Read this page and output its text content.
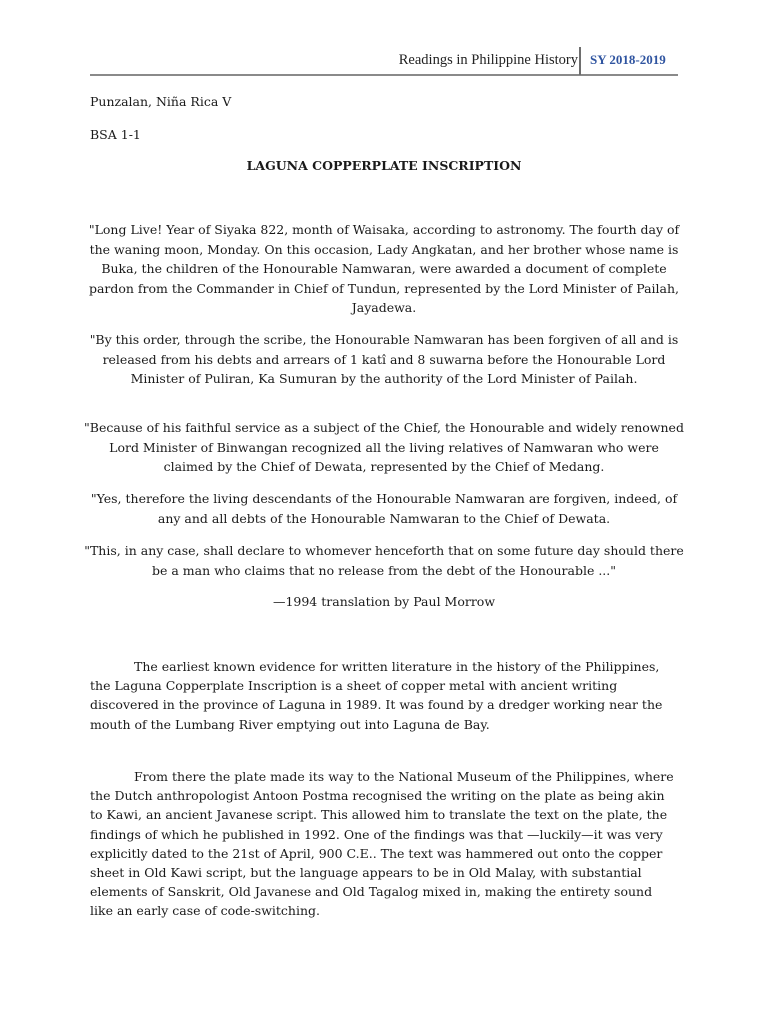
Readings in Philippine History SY 2018-2019
Punzalan, Niña Rica V
BSA 1-1
LAGUNA COPPERPLATE INSCRIPTION

"Long Live! Year of Siyaka 822, month of Waisaka, according to astronomy. The fourth day of the waning moon, Monday. On this occasion, Lady Angkatan, and her brother whose name is Buka, the children of the Honourable Namwaran, were awarded a document of complete pardon from the Commander in Chief of Tundun, represented by the Lord Minister of Pailah, Jayadewa.

"By this order, through the scribe, the Honourable Namwaran has been forgiven of all and is released from his debts and arrears of 1 katî and 8 suwarna before the Honourable Lord Minister of Puliran, Ka Sumuran by the authority of the Lord Minister of Pailah.

"Because of his faithful service as a subject of the Chief, the Honourable and widely renowned Lord Minister of Binwangan recognized all the living relatives of Namwaran who were claimed by the Chief of Dewata, represented by the Chief of Medang.

"Yes, therefore the living descendants of the Honourable Namwaran are forgiven, indeed, of any and all debts of the Honourable Namwaran to the Chief of Dewata.

"This, in any case, shall declare to whomever henceforth that on some future day should there be a man who claims that no release from the debt of the Honourable ..."

—1994 translation by Paul Morrow

The earliest known evidence for written literature in the history of the Philippines, the Laguna Copperplate Inscription is a sheet of copper metal with ancient writing discovered in the province of Laguna in 1989. It was found by a dredger working near the mouth of the Lumbang River emptying out into Laguna de Bay.

From there the plate made its way to the National Museum of the Philippines, where the Dutch anthropologist Antoon Postma recognised the writing on the plate as being akin to Kawi, an ancient Javanese script. This allowed him to translate the text on the plate, the findings of which he published in 1992. One of the findings was that —luckily—it was very explicitly dated to the 21st of April, 900 C.E.. The text was hammered out onto the copper sheet in Old Kawi script, but the language appears to be in Old Malay, with substantial elements of Sanskrit, Old Javanese and Old Tagalog mixed in, making the entirety sound like an early case of code-switching.
